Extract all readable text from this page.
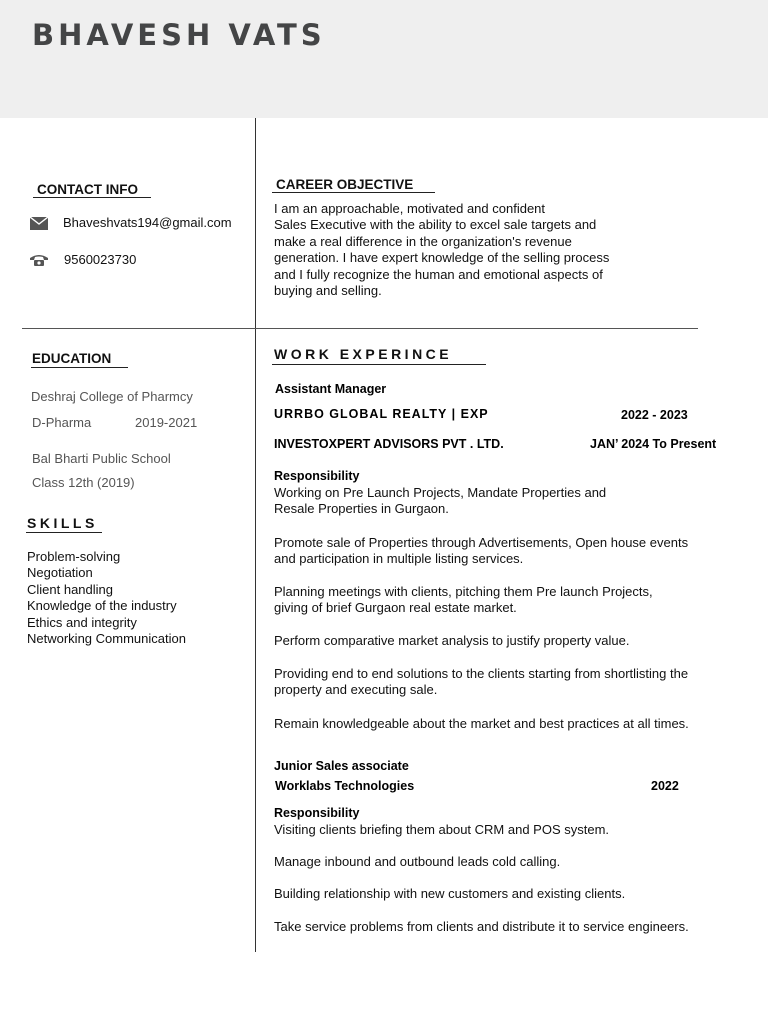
BHAVESH VATS
CONTACT INFO
Bhaveshvats194@gmail.com
9560023730
CAREER OBJECTIVE
I am an approachable, motivated and confident
Sales Executive with the ability to excel sale targets and
make a real difference in the organization's revenue
generation. I have expert knowledge of the selling process
and I fully recognize the human and emotional aspects of
buying and selling.
EDUCATION
Deshraj College of Pharmcy
D-Pharma	2019-2021
Bal Bharti Public School
Class 12th (2019)
SKILLS
Problem-solving
Negotiation
Client handling
Knowledge of the industry
Ethics and integrity
Networking Communication
WORK EXPERINCE
Assistant Manager
URRBO GLOBAL REALTY | EXP	2022 - 2023
INVESTOXPERT ADVISORS PVT . LTD.	JAN’ 2024 To Present
Responsibility
Working on Pre Launch Projects, Mandate Properties and
Resale Properties in Gurgaon.
Promote sale of Properties through Advertisements, Open house events
and participation in multiple listing services.
Planning meetings with clients, pitching them Pre launch Projects,
giving of brief Gurgaon real estate market.
Perform comparative market analysis to justify property value.
Providing end to end solutions to the clients starting from shortlisting the
property and executing sale.
Remain knowledgeable about the market and best practices at all times.
Junior Sales associate
Worklabs Technologies	2022
Responsibility
Visiting clients briefing them about CRM and POS system.
Manage inbound and outbound leads cold calling.
Building relationship with new customers and existing clients.
Take service problems from clients and distribute it to service engineers.
